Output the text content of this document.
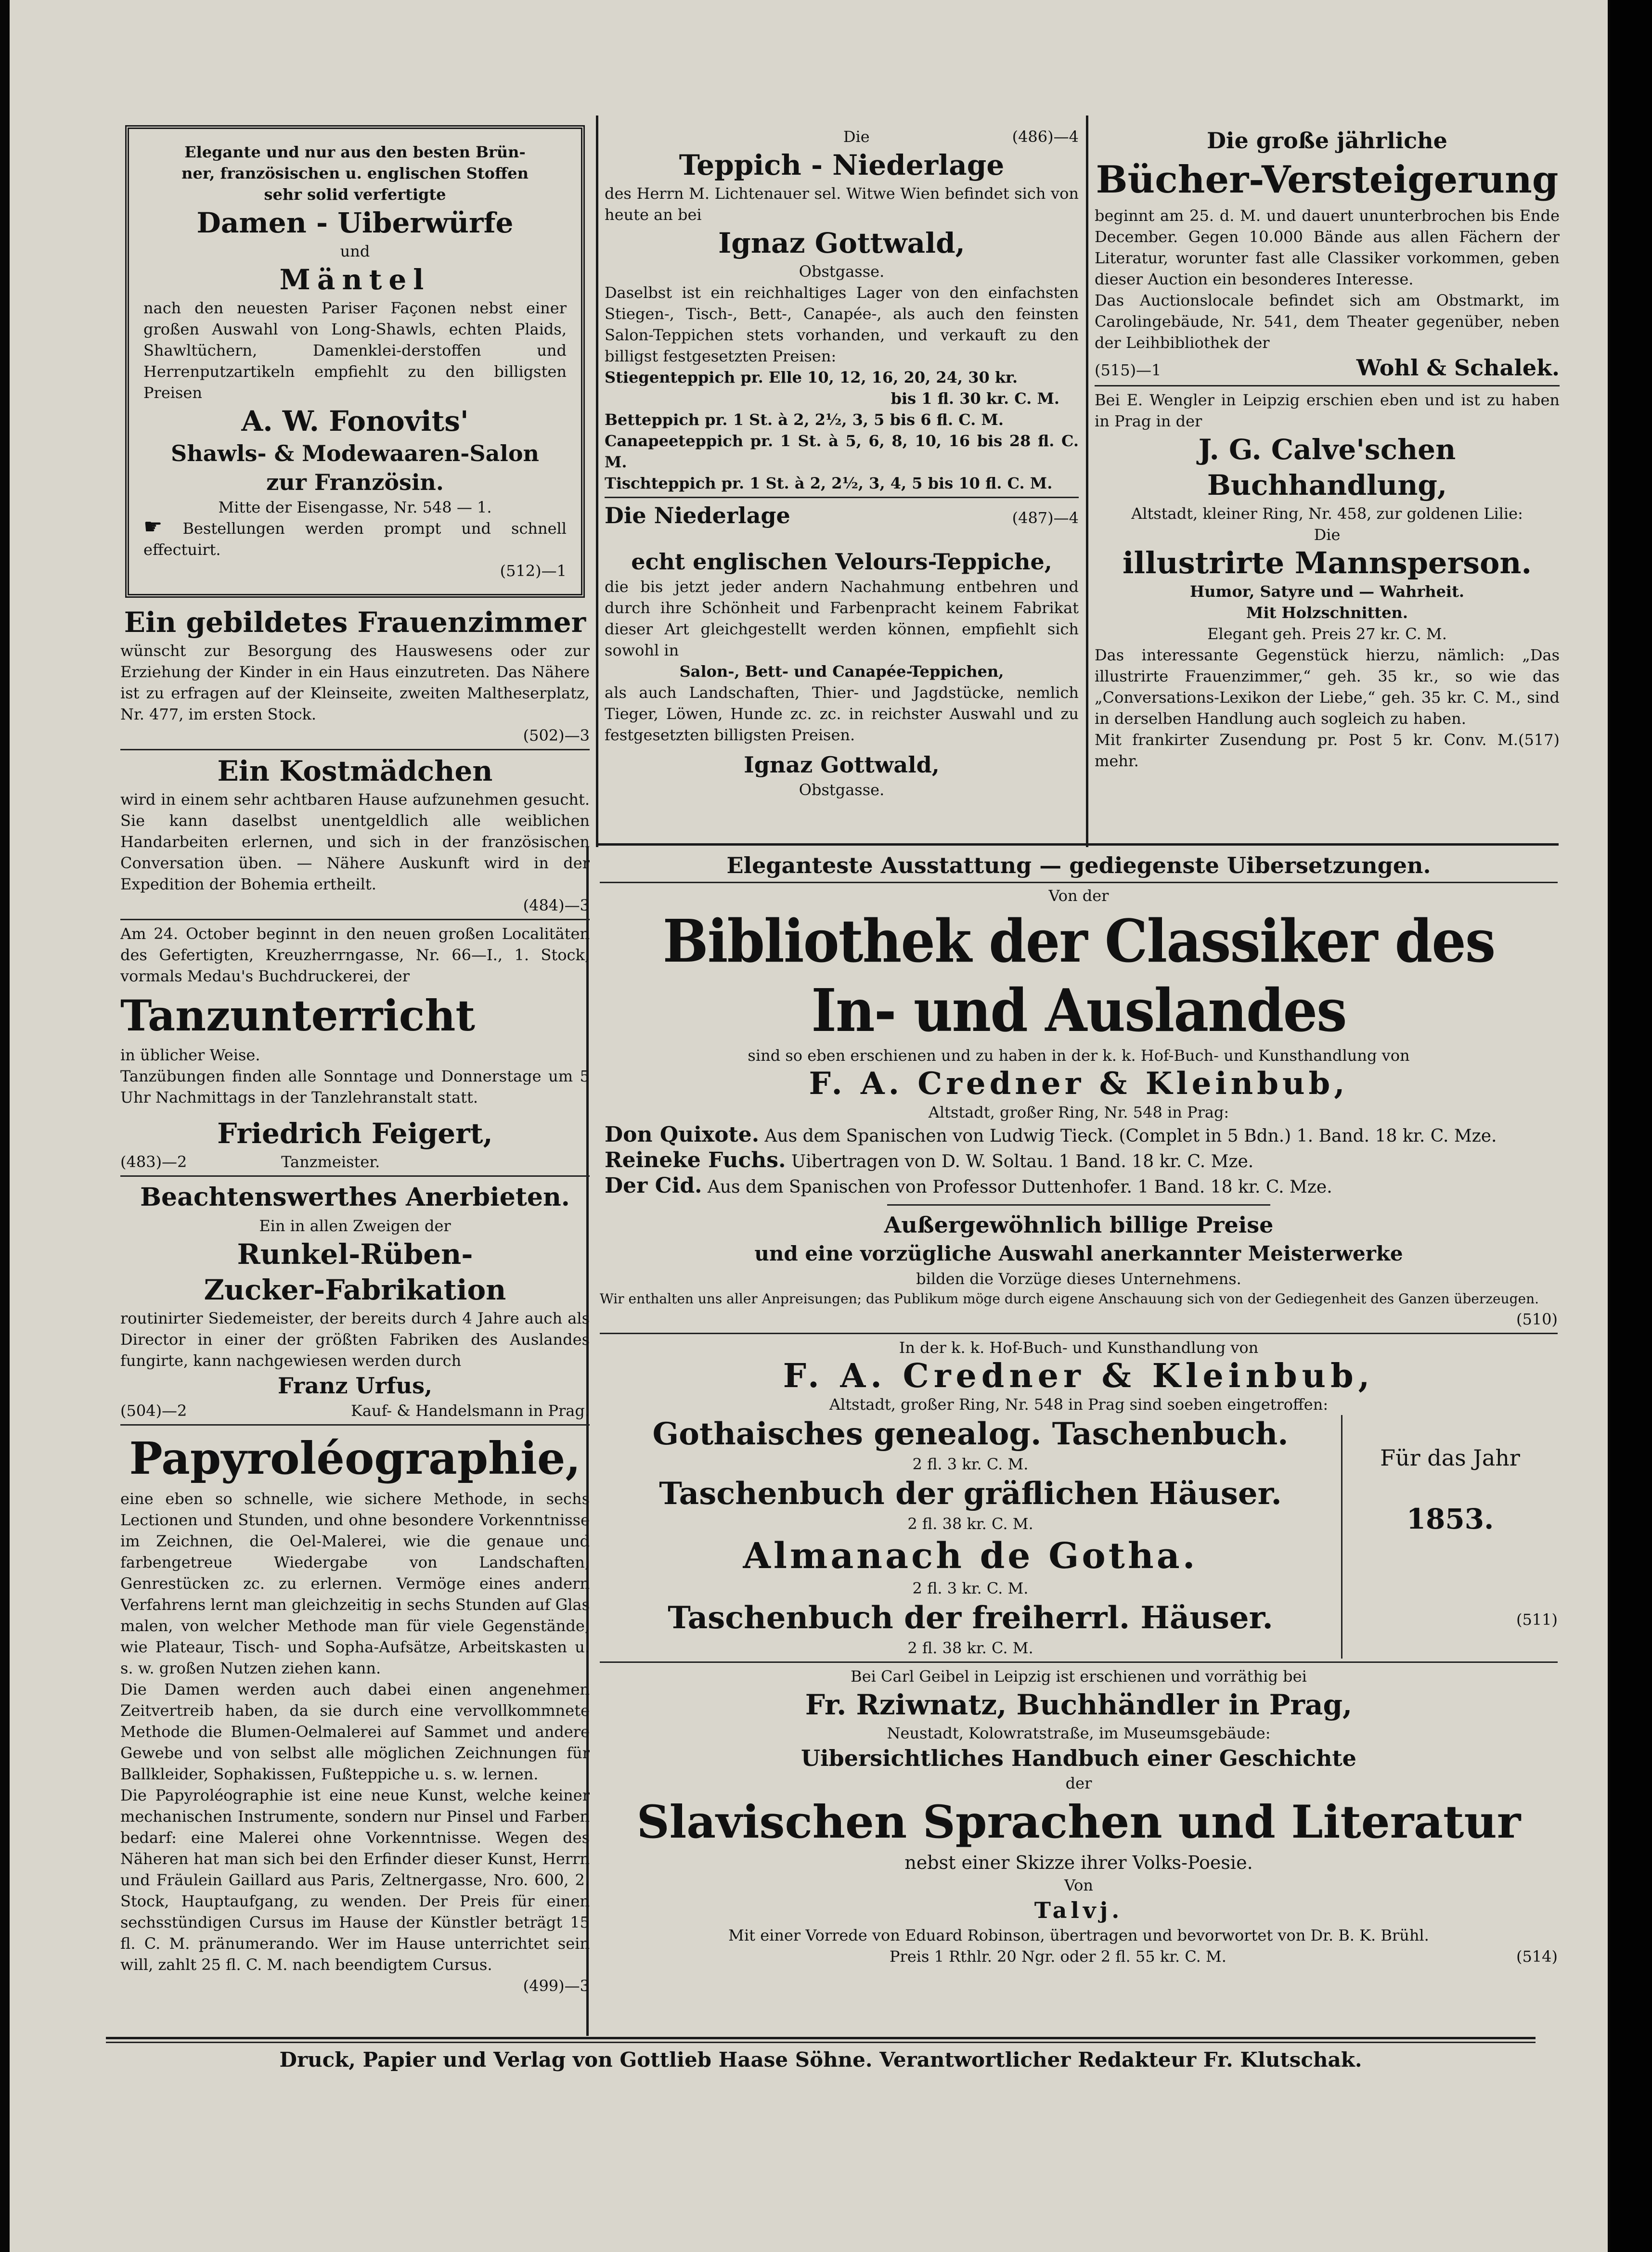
Elegante und nur aus den besten Brün-
ner, französischen u. englischen Stoffen
sehr solid verfertigte
Damen - Uiberwürfe
und
Mäntel
nach den neuesten Pariser Façonen nebst einer großen Auswahl von Long-Shawls, echten Plaids, Shawltüchern, Damenklei-derstoffen und Herrenputzartikeln empfiehlt zu den billigsten Preisen
A. W. Fonovits'
Shawls- & Modewaaren-Salon
zur Französin.
Mitte der Eisengasse, Nr. 548 — 1.
☛ Bestellungen werden prompt und schnell effectuirt.
(512)—1
Ein gebildetes Frauenzimmer
wünscht zur Besorgung des Hauswesens oder zur Erziehung der Kinder in ein Haus einzutreten. Das Nähere ist zu erfragen auf der Kleinseite, zweiten Maltheserplatz, Nr. 477, im ersten Stock.
(502)—3
Ein Kostmädchen
wird in einem sehr achtbaren Hause aufzunehmen gesucht. Sie kann daselbst unentgeldlich alle weiblichen Handarbeiten erlernen, und sich in der französischen Conversation üben. — Nähere Auskunft wird in der Expedition der Bohemia ertheilt.
(484)—3
Am 24. October beginnt in den neuen großen Localitäten des Gefertigten, Kreuzherrngasse, Nr. 66—I., 1. Stock, vormals Medau's Buchdruckerei, der
Tanzunterricht
in üblicher Weise.
Tanzübungen finden alle Sonntage und Donnerstage um 5 Uhr Nachmittags in der Tanzlehranstalt statt.
Friedrich Feigert,
(483)—2	Tanzmeister.
Beachtenswerthes Anerbieten.
Ein in allen Zweigen der
Runkel-Rüben-
Zucker-Fabrikation
routinirter Siedemeister, der bereits durch 4 Jahre auch als Director in einer der größten Fabriken des Auslandes fungirte, kann nachgewiesen werden durch
Franz Urfus,
(504)—2	Kauf- & Handelsmann in Prag.
Papyroléographie,
eine eben so schnelle, wie sichere Methode, in sechs Lectionen und Stunden, und ohne besondere Vorkenntnisse im Zeichnen, die Oel-Malerei, wie die genaue und farbengetreue Wiedergabe von Landschaften, Genrestücken zc. zu erlernen. Vermöge eines andern Verfahrens lernt man gleichzeitig in sechs Stunden auf Glas malen, von welcher Methode man für viele Gegenstände, wie Plateaur, Tisch- und Sopha-Aufsätze, Arbeitskasten u. s. w. großen Nutzen ziehen kann.
Die Damen werden auch dabei einen angenehmen Zeitvertreib haben, da sie durch eine vervollkommnete Methode die Blumen-Oelmalerei auf Sammet und andere Gewebe und von selbst alle möglichen Zeichnungen für Ballkleider, Sophakissen, Fußteppiche u. s. w. lernen.
Die Papyroléographie ist eine neue Kunst, welche keiner mechanischen Instrumente, sondern nur Pinsel und Farben bedarf: eine Malerei ohne Vorkenntnisse. Wegen des Näheren hat man sich bei den Erfinder dieser Kunst, Herrn und Fräulein Gaillard aus Paris, Zeltnergasse, Nro. 600, 2. Stock, Hauptaufgang, zu wenden. Der Preis für einen sechsstündigen Cursus im Hause der Künstler beträgt 15 fl. C. M. pränumerando. Wer im Hause unterrichtet sein will, zahlt 25 fl. C. M. nach beendigtem Cursus.
(499)—3
Die	(486)—4
Teppich - Niederlage
des Herrn M. Lichtenauer sel. Witwe Wien befindet sich von heute an bei
Ignaz Gottwald,
Obstgasse.
Daselbst ist ein reichhaltiges Lager von den einfachsten Stiegen-, Tisch-, Bett-, Canapée-, als auch den feinsten Salon-Teppichen stets vorhanden, und verkauft zu den billigst festgesetzten Preisen:
Stiegenteppich pr. Elle 10, 12, 16, 20, 24, 30 kr.
bis 1 fl. 30 kr. C. M.
Betteppich pr. 1 St. à 2, 2½, 3, 5 bis 6 fl. C. M.
Canapeeteppich pr. 1 St. à 5, 6, 8, 10, 16 bis 28 fl. C. M.
Tischteppich pr. 1 St. à 2, 2½, 3, 4, 5 bis 10 fl. C. M.
Die Niederlage	(487)—4
echt englischen Velours-Teppiche,
die bis jetzt jeder andern Nachahmung entbehren und durch ihre Schönheit und Farbenpracht keinem Fabrikat dieser Art gleichgestellt werden können, empfiehlt sich sowohl in
Salon-, Bett- und Canapée-Teppichen,
als auch Landschaften, Thier- und Jagdstücke, nemlich Tieger, Löwen, Hunde zc. zc. in reichster Auswahl und zu festgesetzten billigsten Preisen.
Ignaz Gottwald,
Obstgasse.
Die große jährliche
Bücher-Versteigerung
beginnt am 25. d. M. und dauert ununterbrochen bis Ende December. Gegen 10.000 Bände aus allen Fächern der Literatur, worunter fast alle Classiker vorkommen, geben dieser Auction ein besonderes Interesse.
Das Auctionslocale befindet sich am Obstmarkt, im Carolingebäude, Nr. 541, dem Theater gegenüber, neben der Leihbibliothek der
(515)—1	Wohl & Schalek.
Bei E. Wengler in Leipzig erschien eben und ist zu haben in Prag in der
J. G. Calve'schen
Buchhandlung,
Altstadt, kleiner Ring, Nr. 458, zur goldenen Lilie:
Die
illustrirte Mannsperson.
Humor, Satyre und — Wahrheit.
Mit Holzschnitten.
Elegant geh. Preis 27 kr. C. M.
Das interessante Gegenstück hierzu, nämlich: „Das illustrirte Frauenzimmer,“ geh. 35 kr., so wie das „Conversations-Lexikon der Liebe,“ geh. 35 kr. C. M., sind in derselben Handlung auch sogleich zu haben.
Mit frankirter Zusendung pr. Post 5 kr. Conv. M. mehr.
(517)
Eleganteste Ausstattung — gediegenste Uibersetzungen.
Von der
Bibliothek der Classiker des In- und Auslandes
sind so eben erschienen und zu haben in der k. k. Hof-Buch- und Kunsthandlung von
F. A. Credner & Kleinbub,
Altstadt, großer Ring, Nr. 548 in Prag:
Don Quixote. Aus dem Spanischen von Ludwig Tieck. (Complet in 5 Bdn.) 1. Band. 18 kr. C. Mze.
Reineke Fuchs. Uibertragen von D. W. Soltau. 1 Band. 18 kr. C. Mze.
Der Cid. Aus dem Spanischen von Professor Duttenhofer. 1 Band. 18 kr. C. Mze.
Außergewöhnlich billige Preise
und eine vorzügliche Auswahl anerkannter Meisterwerke
bilden die Vorzüge dieses Unternehmens.
Wir enthalten uns aller Anpreisungen; das Publikum möge durch eigene Anschauung sich von der Gediegenheit des Ganzen überzeugen.
(510)
In der k. k. Hof-Buch- und Kunsthandlung von
F. A. Credner & Kleinbub,
Altstadt, großer Ring, Nr. 548 in Prag sind soeben eingetroffen:
Gothaisches genealog. Taschenbuch.
2 fl. 3 kr. C. M.
Taschenbuch der gräflichen Häuser.
2 fl. 38 kr. C. M.
Almanach de Gotha.
2 fl. 3 kr. C. M.
Taschenbuch der freiherrl. Häuser.
2 fl. 38 kr. C. M.
Für das Jahr
1853.
(511)
Bei Carl Geibel in Leipzig ist erschienen und vorräthig bei
Fr. Rziwnatz, Buchhändler in Prag,
Neustadt, Kolowratstraße, im Museumsgebäude:
Uibersichtliches Handbuch einer Geschichte
der
Slavischen Sprachen und Literatur
nebst einer Skizze ihrer Volks-Poesie.
Von
Talvj.
Mit einer Vorrede von Eduard Robinson, übertragen und bevorwortet von Dr. B. K. Brühl.
Preis 1 Rthlr. 20 Ngr. oder 2 fl. 55 kr. C. M.	(514)
Druck, Papier und Verlag von Gottlieb Haase Söhne. Verantwortlicher Redakteur Fr. Klutschak.
